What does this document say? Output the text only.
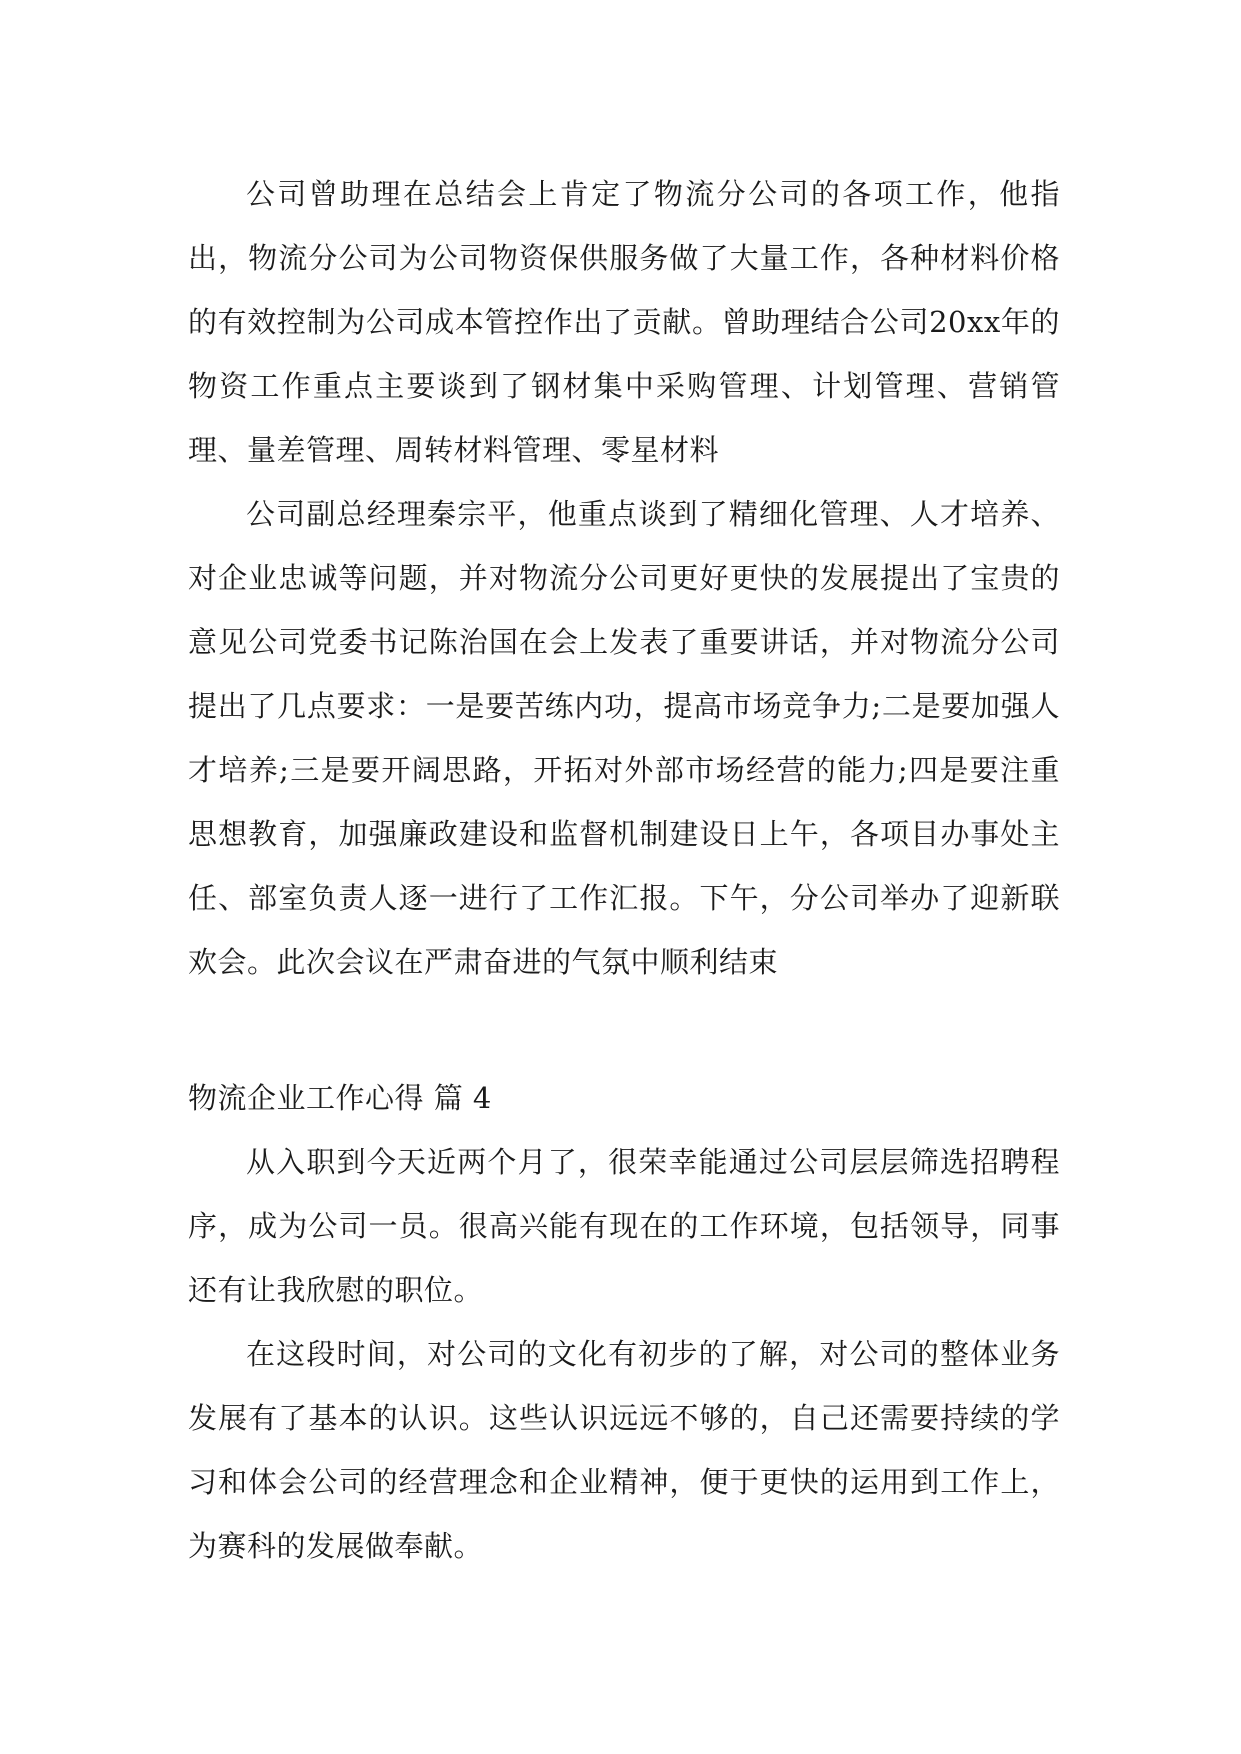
公司曾助理在总结会上肯定了物流分公司的各项工作，他指出，物流分公司为公司物资保供服务做了大量工作，各种材料价格的有效控制为公司成本管控作出了贡献。曾助理结合公司20xx年的物资工作重点主要谈到了钢材集中采购管理、计划管理、营销管理、量差管理、周转材料管理、零星材料

公司副总经理秦宗平，他重点谈到了精细化管理、人才培养、对企业忠诚等问题，并对物流分公司更好更快的发展提出了宝贵的意见公司党委书记陈治国在会上发表了重要讲话，并对物流分公司提出了几点要求：一是要苦练内功，提高市场竞争力;二是要加强人才培养;三是要开阔思路，开拓对外部市场经营的能力;四是要注重思想教育，加强廉政建设和监督机制建设日上午，各项目办事处主任、部室负责人逐一进行了工作汇报。下午，分公司举办了迎新联欢会。此次会议在严肃奋进的气氛中顺利结束

物流企业工作心得 篇 4

从入职到今天近两个月了，很荣幸能通过公司层层筛选招聘程序，成为公司一员。很高兴能有现在的工作环境，包括领导，同事还有让我欣慰的职位。

在这段时间，对公司的文化有初步的了解，对公司的整体业务发展有了基本的认识。这些认识远远不够的，自己还需要持续的学习和体会公司的经营理念和企业精神，便于更快的运用到工作上，为赛科的发展做奉献。
